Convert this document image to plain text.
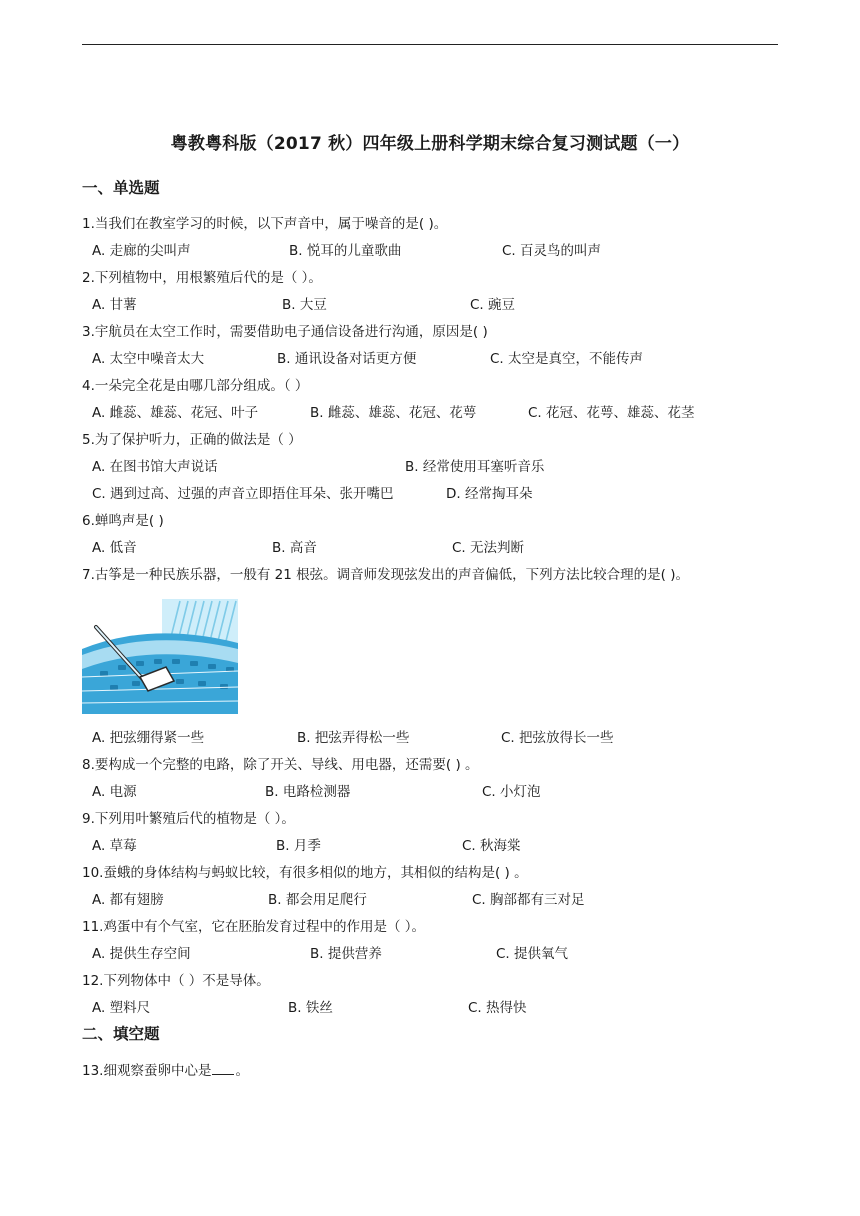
粤教粤科版（2017 秋）四年级上册科学期末综合复习测试题（一）
一、单选题
1.当我们在教室学习的时候，以下声音中，属于噪音的是( )。
A. 走廊的尖叫声	B. 悦耳的儿童歌曲	C. 百灵鸟的叫声
2.下列植物中，用根繁殖后代的是（ ）。
A. 甘薯	B. 大豆	C. 豌豆
3.宇航员在太空工作时，需要借助电子通信设备进行沟通，原因是( )
A. 太空中噪音太大	B. 通讯设备对话更方便	C. 太空是真空，不能传声
4.一朵完全花是由哪几部分组成。（ ）
A. 雌蕊、雄蕊、花冠、叶子	B. 雌蕊、雄蕊、花冠、花萼	C. 花冠、花萼、雄蕊、花茎
5.为了保护听力，正确的做法是（ ）
A. 在图书馆大声说话	B. 经常使用耳塞听音乐
C. 遇到过高、过强的声音立即捂住耳朵、张开嘴巴	D. 经常掏耳朵
6.蝉鸣声是( )
A. 低音	B. 高音	C. 无法判断
7.古筝是一种民族乐器，一般有 21 根弦。调音师发现弦发出的声音偏低，下列方法比较合理的是( )。
A. 把弦绷得紧一些	B. 把弦弄得松一些	C. 把弦放得长一些
8.要构成一个完整的电路，除了开关、导线、用电器，还需要( ) 。
A. 电源	B. 电路检测器	C. 小灯泡
9.下列用叶繁殖后代的植物是（ ）。
A. 草莓	B. 月季	C. 秋海棠
10.蚕蛾的身体结构与蚂蚁比较，有很多相似的地方，其相似的结构是( ) 。
A. 都有翅膀	B. 都会用足爬行	C. 胸部都有三对足
11.鸡蛋中有个气室，它在胚胎发育过程中的作用是（ ）。
A. 提供生存空间	B. 提供营养	C. 提供氧气
12.下列物体中（ ）不是导体。
A. 塑料尺	B. 铁丝	C. 热得快
二、填空题
13.细观察蚕卵中心是 。
